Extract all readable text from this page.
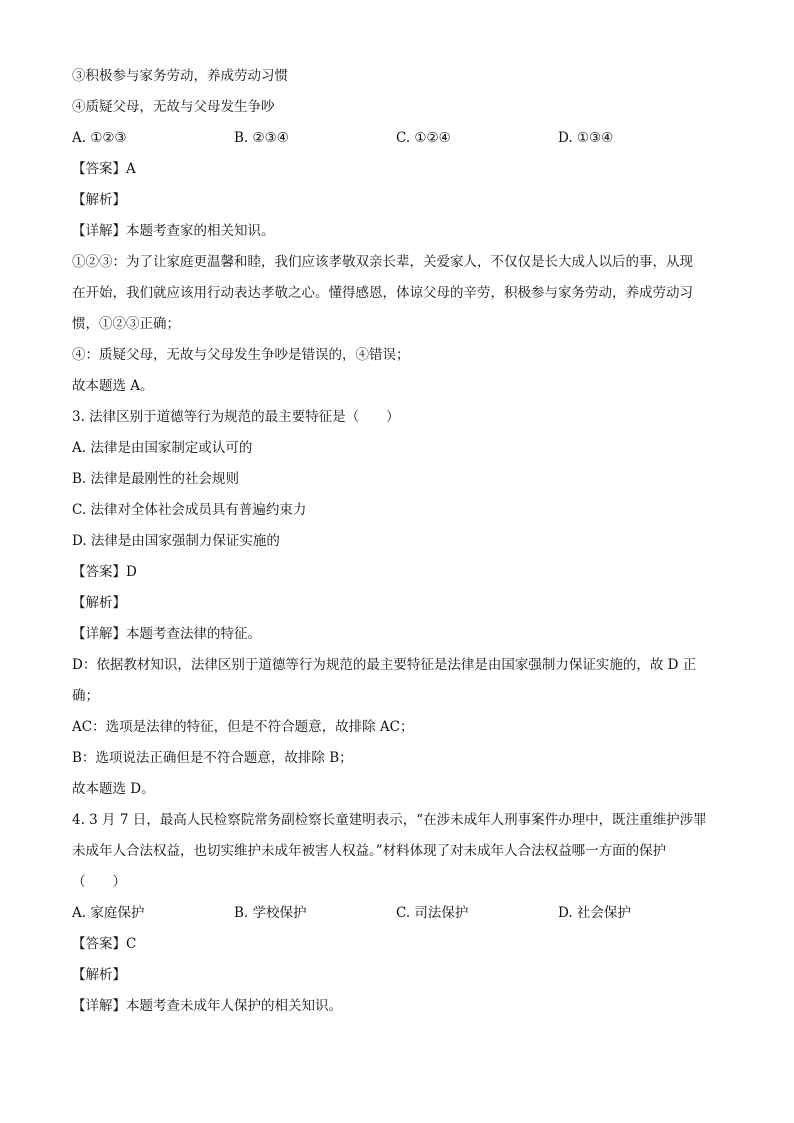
③积极参与家务劳动，养成劳动习惯
④质疑父母，无故与父母发生争吵
A. ①②③	B. ②③④	C. ①②④	D. ①③④
【答案】A
【解析】
【详解】本题考查家的相关知识。
①②③：为了让家庭更温馨和睦，我们应该孝敬双亲长辈，关爱家人，不仅仅是长大成人以后的事，从现
在开始，我们就应该用行动表达孝敬之心。懂得感恩，体谅父母的辛劳，积极参与家务劳动，养成劳动习
惯，①②③正确；
④：质疑父母，无故与父母发生争吵是错误的，④错误；
故本题选 A。
3. 法律区别于道德等行为规范的最主要特征是（　　）
A. 法律是由国家制定或认可的
B. 法律是最刚性的社会规则
C. 法律对全体社会成员具有普遍约束力
D. 法律是由国家强制力保证实施的
【答案】D
【解析】
【详解】本题考查法律的特征。
D：依据教材知识，法律区别于道德等行为规范的最主要特征是法律是由国家强制力保证实施的，故 D 正
确；
AC：选项是法律的特征，但是不符合题意，故排除 AC；
B：选项说法正确但是不符合题意，故排除 B；
故本题选 D。
4. 3 月 7 日，最高人民检察院常务副检察长童建明表示，“在涉未成年人刑事案件办理中，既注重维护涉罪
未成年人合法权益，也切实维护未成年被害人权益。”材料体现了对未成年人合法权益哪一方面的保护
（　　）
A. 家庭保护	B. 学校保护	C. 司法保护	D. 社会保护
【答案】C
【解析】
【详解】本题考查未成年人保护的相关知识。
